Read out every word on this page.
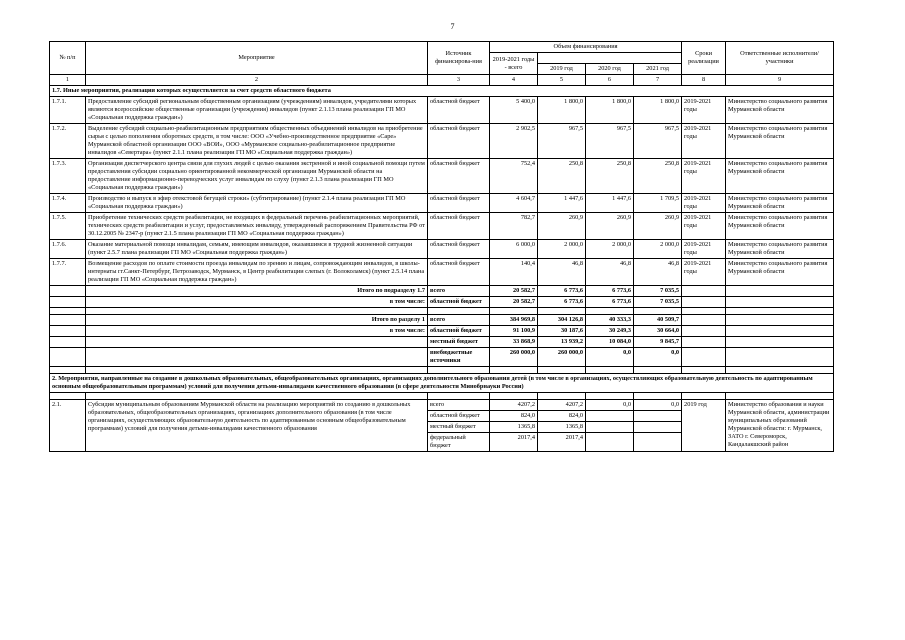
7
№ п/п	Мероприятие	Источник финансирова-ния	Объем финансирования				Сроки реализации	Ответственные исполнители/участники
			2019-2021 годы - всего					
				2019 год	2020 год	2021 год		
1	2	3	4	5	6	7	8	9
1.7. Иные мероприятия, реализация которых осуществляется за счет средств областного бюджета								
1.7.1.	Предоставление субсидий региональным общественным организациям (учреждениям) инвалидов, учредителями которых являются всероссийские общественные организации (учреждения) инвалидов (пункт 2.1.13 плана реализации ГП МО «Социальная поддержка граждан»)	областной бюджет	5 400,0	1 800,0	1 800,0	1 800,0	2019-2021 годы	Министерство социального развития Мурманской области
1.7.2.	Выделение субсидий социально-реабилитационным предприятиям общественных объединений инвалидов на приобретение сырья с целью пополнения оборотных средств, в том числе: ООО «Учебно-производственное предприятие «Саре» Мурманской областной организации ООО «ВОИ», ООО «Мурманское социально-реабилитационное предприятие инвалидов «Севертара» (пункт 2.1.1 плана реализации ГП МО «Социальная поддержка граждан»)	областной бюджет	2 902,5	967,5	967,5	967,5	2019-2021 годы	Министерство социального развития Мурманской области
1.7.3.	Организация диспетчерского центра связи для глухих людей с целью оказания экстренной и иной социальной помощи путем предоставления субсидии социально ориентированной некоммерческой организации Мурманской области на предоставление информационно-переводческих услуг инвалидам по слуху (пункт 2.1.3 плана реализации ГП МО «Социальная поддержка граждан»)	областной бюджет	752,4	250,8	250,8	250,8	2019-2021 годы	Министерство социального развития Мурманской области
1.7.4.	Производство и выпуск в эфир отекстовой бегущей строки» (субтитрирование) (пункт 2.1.4 плана реализации ГП МО «Социальная поддержка граждан»)	областной бюджет	4 604,7	1 447,6	1 447,6	1 709,5	2019-2021 годы	Министерство социального развития Мурманской области
1.7.5.	Приобретение технических средств реабилитации, не входящих в федеральный перечень реабилитационных мероприятий, технических средств реабилитации и услуг, предоставляемых инвалиду, утвержденный распоряжением Правительства РФ от 30.12.2005 № 2347-р (пункт 2.1.5 плана реализации ГП МО «Социальная поддержка граждан»)	областной бюджет	782,7	260,9	260,9	260,9	2019-2021 годы	Министерство социального развития Мурманской области
1.7.6.	Оказание материальной помощи инвалидам, семьям, имеющим инвалидов, оказавшимся в трудной жизненной ситуации (пункт 2.5.7 плана реализации ГП МО «Социальная поддержка граждан»)	областной бюджет	6 000,0	2 000,0	2 000,0	2 000,0	2019-2021 годы	Министерство социального развития Мурманской области
1.7.7.	Возмещение расходов по оплате стоимости проезда инвалидам по зрению и лицам, сопровождающим инвалидов, в школы-интернаты гг.Санкт-Петербург, Петрозаводск, Мурманск, в Центр реабилитации слепых (г. Волоколамск) (пункт 2.5.14 плана реализации ГП МО «Социальная поддержка граждан»)	областной бюджет	140,4	46,8	46,8	46,8	2019-2021 годы	Министерство социального развития Мурманской области
	Итого по подразделу 1.7	всего	20 582,7	6 773,6	6 773,6	7 035,5		
	в том числе:	областной бюджет	20 582,7	6 773,6	6 773,6	7 035,5		

	Итого по разделу 1	всего	384 969,8	304 126,8	40 333,3	40 509,7		
	в том числе:	областной бюджет	91 100,9	30 187,6	30 249,3	30 664,0		
		местный бюджет	33 868,9	13 939,2	10 084,0	9 845,7		
		внебюджетные источники	260 000,0	260 000,0	0,0	0,0		

2. Мероприятия, направленные на создание в дошкольных образовательных, общеобразовательных организациях, организациях дополнительного образования детей (в том числе в организациях, осуществляющих образовательную деятельность по адаптированным основным общеобразовательным программам) условий для получения детьми-инвалидами качественного образования (в сфере деятельности Минобрнауки России)								

2.1.	Субсидия муниципальным образованиям Мурманской области на реализацию мероприятий по созданию в дошкольных образовательных, общеобразовательных организациях, организациях дополнительного образования (в том числе организациях, осуществляющих образовательную деятельность по адаптированным основным общеобразовательным программам) условий для получения детьми-инвалидами качественного образования	всего	4207,2	4207,2	0,0	0,0	2019 год	Министерство образования и науки Мурманской области, администрации муниципальных образований Мурманской области: г. Мурманск, ЗАТО г. Североморск, Кандалакшский район
		областной бюджет	824,0	824,0				
		местный бюджет	1365,8	1365,8				
		федеральный бюджет	2017,4	2017,4				
